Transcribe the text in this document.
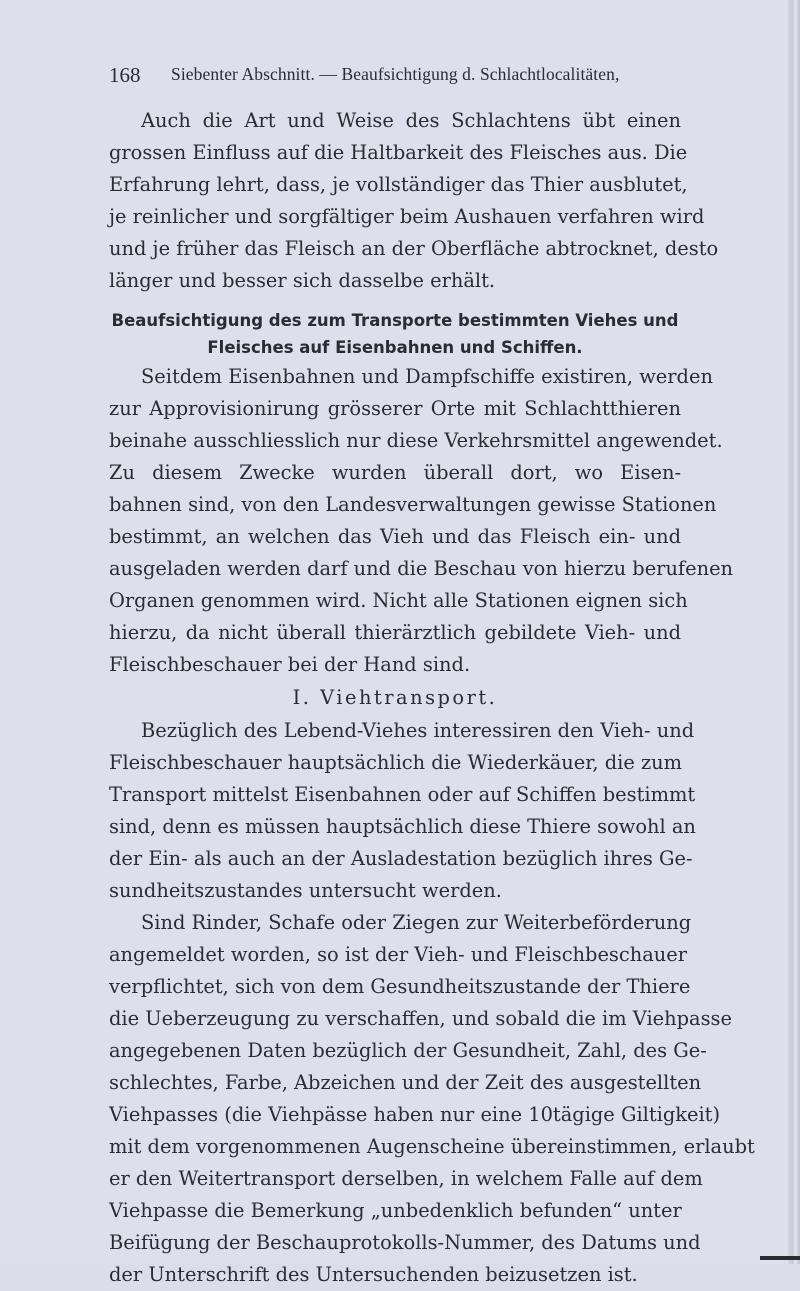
168 Siebenter Abschnitt. — Beaufsichtigung d. Schlachtlocalitäten,
Auch die Art und Weise des Schlachtens übt einen
grossen Einfluss auf die Haltbarkeit des Fleisches aus. Die
Erfahrung lehrt, dass, je vollständiger das Thier ausblutet,
je reinlicher und sorgfältiger beim Aushauen verfahren wird
und je früher das Fleisch an der Oberfläche abtrocknet, desto
länger und besser sich dasselbe erhält.
Beaufsichtigung des zum Transporte bestimmten Viehes und
Fleisches auf Eisenbahnen und Schiffen.
Seitdem Eisenbahnen und Dampfschiffe existiren, werden
zur Approvisionirung grösserer Orte mit Schlachtthieren
beinahe ausschliesslich nur diese Verkehrsmittel angewendet.
Zu diesem Zwecke wurden überall dort, wo Eisen-
bahnen sind, von den Landesverwaltungen gewisse Stationen
bestimmt, an welchen das Vieh und das Fleisch ein- und
ausgeladen werden darf und die Beschau von hierzu berufenen
Organen genommen wird. Nicht alle Stationen eignen sich
hierzu, da nicht überall thierärztlich gebildete Vieh- und
Fleischbeschauer bei der Hand sind.
I. Viehtransport.
Bezüglich des Lebend-Viehes interessiren den Vieh- und
Fleischbeschauer hauptsächlich die Wiederkäuer, die zum
Transport mittelst Eisenbahnen oder auf Schiffen bestimmt
sind, denn es müssen hauptsächlich diese Thiere sowohl an
der Ein- als auch an der Ausladestation bezüglich ihres Ge-
sundheitszustandes untersucht werden.
Sind Rinder, Schafe oder Ziegen zur Weiterbeförderung
angemeldet worden, so ist der Vieh- und Fleischbeschauer
verpflichtet, sich von dem Gesundheitszustande der Thiere
die Ueberzeugung zu verschaffen, und sobald die im Viehpasse
angegebenen Daten bezüglich der Gesundheit, Zahl, des Ge-
schlechtes, Farbe, Abzeichen und der Zeit des ausgestellten
Viehpasses (die Viehpässe haben nur eine 10tägige Giltigkeit)
mit dem vorgenommenen Augenscheine übereinstimmen, erlaubt
er den Weitertransport derselben, in welchem Falle auf dem
Viehpasse die Bemerkung „unbedenklich befunden“ unter
Beifügung der Beschauprotokolls-Nummer, des Datums und
der Unterschrift des Untersuchenden beizusetzen ist.
